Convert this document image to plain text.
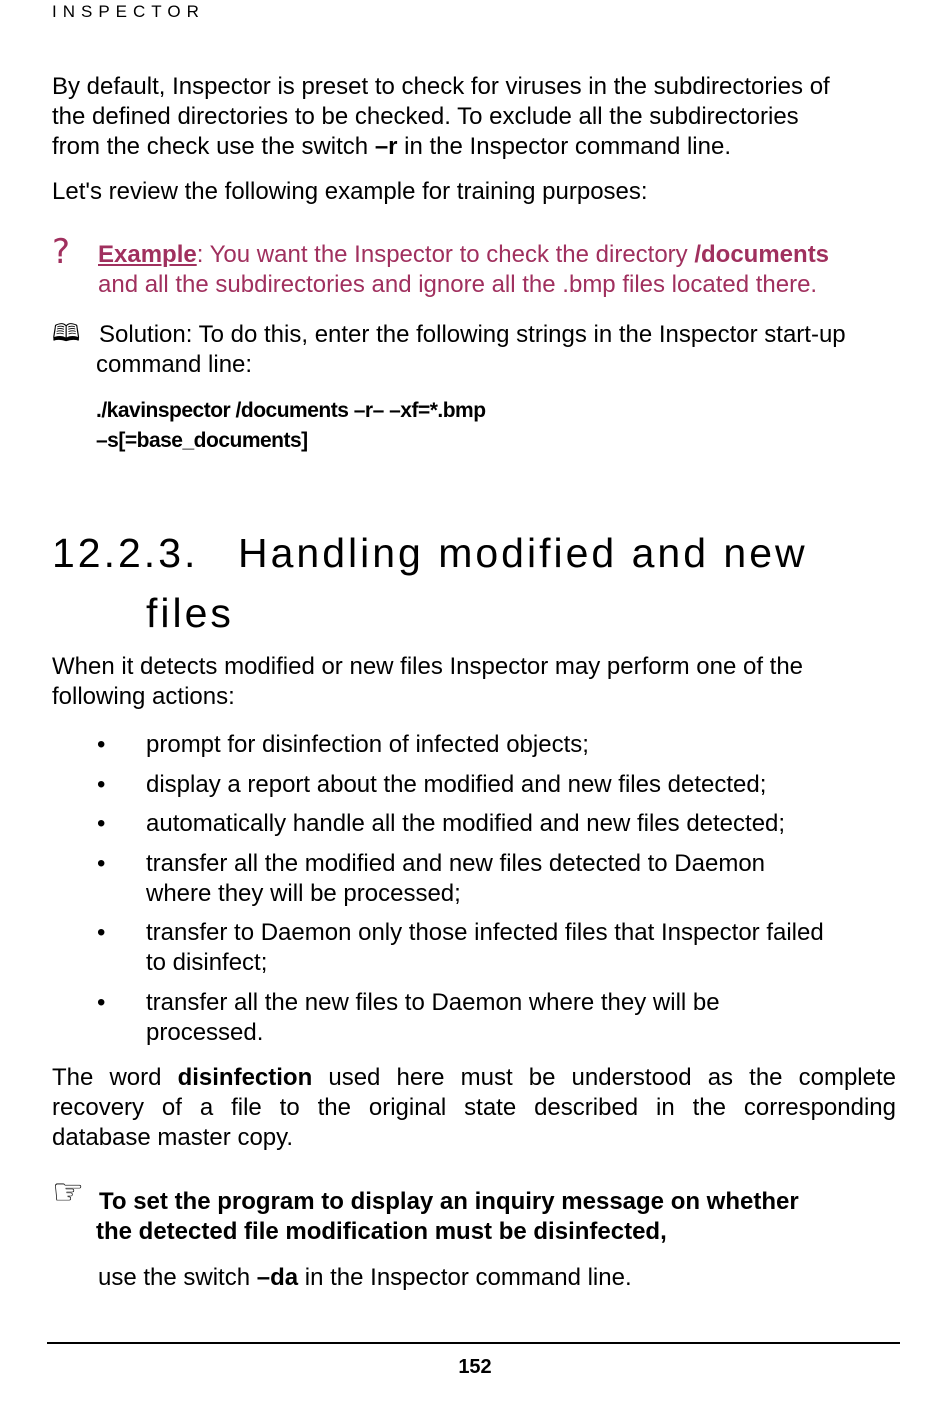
INSPECTOR
By default, Inspector is preset to check for viruses in the subdirectories of
the defined directories to be checked. To exclude all the subdirectories
from the check use the switch –r in the Inspector command line.
Let's review the following example for training purposes:
? Example: You want the Inspector to check the directory /documents
and all the subdirectories and ignore all the .bmp files located there.
🕮 Solution: To do this, enter the following strings in the Inspector start-up
command line:
./kavinspector /documents –r– –xf=*.bmp
–s[=base_documents]
12.2.3. Handling modified and new
files
When it detects modified or new files Inspector may perform one of the
following actions:
• prompt for disinfection of infected objects;
• display a report about the modified and new files detected;
• automatically handle all the modified and new files detected;
• transfer all the modified and new files detected to Daemon
where they will be processed;
• transfer to Daemon only those infected files that Inspector failed
to disinfect;
• transfer all the new files to Daemon where they will be
processed.
The word disinfection used here must be understood as the complete
recovery of a file to the original state described in the corresponding
database master copy.
☞ To set the program to display an inquiry message on whether
the detected file modification must be disinfected,
use the switch –da in the Inspector command line.
152
